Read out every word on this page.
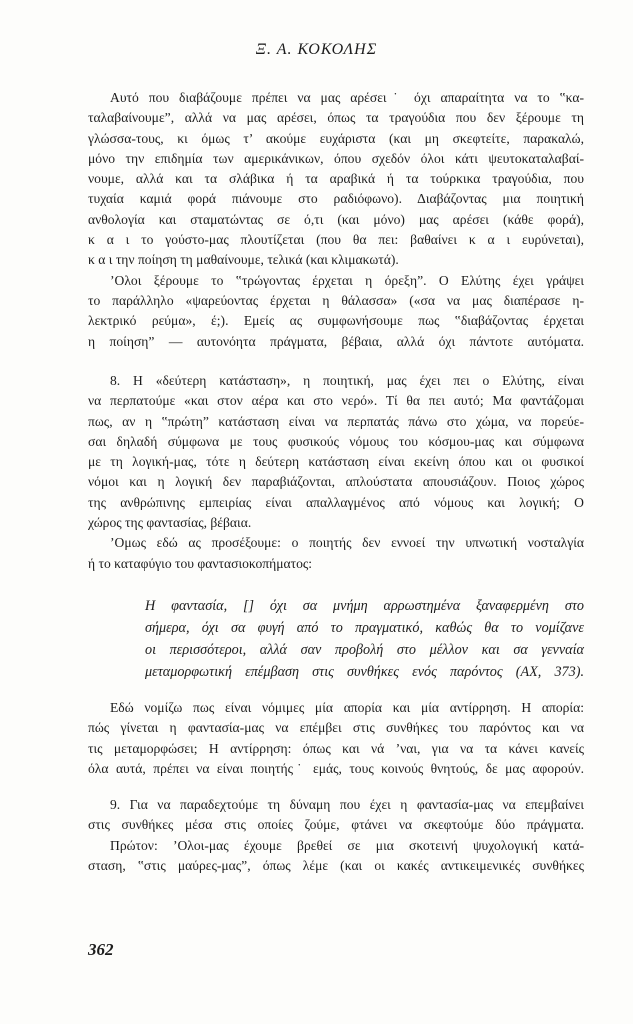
Ξ. Α. ΚΟΚΟΛΗΣ
Αυτό που διαβάζουμε πρέπει να μας αρέσει˙ όχι απαραίτητα να το ‟κα-
ταλαβαίνουμε”, αλλά να μας αρέσει, όπως τα τραγούδια που δεν ξέρουμε τη
γλώσσα-τους, κι όμως τ’ ακούμε ευχάριστα (και μη σκεφτείτε, παρακαλώ,
μόνο την επιδημία των αμερικάνικων, όπου σχεδόν όλοι κάτι ψευτοκαταλαβαί-
νουμε, αλλά και τα σλάβικα ή τα αραβικά ή τα τούρκικα τραγούδια, που
τυχαία καμιά φορά πιάνουμε στο ραδιόφωνο). Διαβάζοντας μια ποιητική
ανθολογία και σταματώντας σε ό,τι (και μόνο) μας αρέσει (κάθε φορά),
κ α ι το γούστο-μας πλουτίζεται (που θα πει: βαθαίνει κ α ι ευρύνεται),
κ α ι την ποίηση τη μαθαίνουμε, τελικά (και κλιμακωτά).
’Ολοι ξέρουμε το ‟τρώγοντας έρχεται η όρεξη”. Ο Ελύτης έχει γράψει
το παράλληλο «ψαρεύοντας έρχεται η θάλασσα» («σα να μας διαπέρασε η-
λεκτρικό ρεύμα», έ;). Εμείς ας συμφωνήσουμε πως ‟διαβάζοντας έρχεται
η ποίηση” — αυτονόητα πράγματα, βέβαια, αλλά όχι πάντοτε αυτόματα.
8. Η «δεύτερη κατάσταση», η ποιητική, μας έχει πει ο Ελύτης, είναι
να περπατούμε «και στον αέρα και στο νερό». Τί θα πει αυτό; Μα φαντάζομαι
πως, αν η ‟πρώτη” κατάσταση είναι να περπατάς πάνω στο χώμα, να πορεύε-
σαι δηλαδή σύμφωνα με τους φυσικούς νόμους του κόσμου-μας και σύμφωνα
με τη λογική-μας, τότε η δεύτερη κατάσταση είναι εκείνη όπου και οι φυσικοί
νόμοι και η λογική δεν παραβιάζονται, απλούστατα απουσιάζουν. Ποιος χώρος
της ανθρώπινης εμπειρίας είναι απαλλαγμένος από νόμους και λογική; Ο
χώρος της φαντασίας, βέβαια.
’Ομως εδώ ας προσέξουμε: ο ποιητής δεν εννοεί την υπνωτική νοσταλγία
ή το καταφύγιο του φαντασιοκοπήματος:
Η φαντασία, [] όχι σα μνήμη αρρωστημένα ξαναφερμένη στο
σήμερα, όχι σα φυγή από το πραγματικό, καθώς θα το νομίζανε
οι περισσότεροι, αλλά σαν προβολή στο μέλλον και σα γενναία
μεταμορφωτική επέμβαση στις συνθήκες ενός παρόντος (ΑΧ, 373).
Εδώ νομίζω πως είναι νόμιμες μία απορία και μία αντίρρηση. Η απορία:
πώς γίνεται η φαντασία-μας να επέμβει στις συνθήκες του παρόντος και να
τις μεταμορφώσει; Η αντίρρηση: όπως και νά ’ναι, για να τα κάνει κανείς
όλα αυτά, πρέπει να είναι ποιητής˙ εμάς, τους κοινούς θνητούς, δε μας αφορούν.
9. Για να παραδεχτούμε τη δύναμη που έχει η φαντασία-μας να επεμβαίνει
στις συνθήκες μέσα στις οποίες ζούμε, φτάνει να σκεφτούμε δύο πράγματα.
Πρώτον: ’Ολοι-μας έχουμε βρεθεί σε μια σκοτεινή ψυχολογική κατά-
σταση, ‟στις μαύρες-μας”, όπως λέμε (και οι κακές αντικειμενικές συνθήκες
362
